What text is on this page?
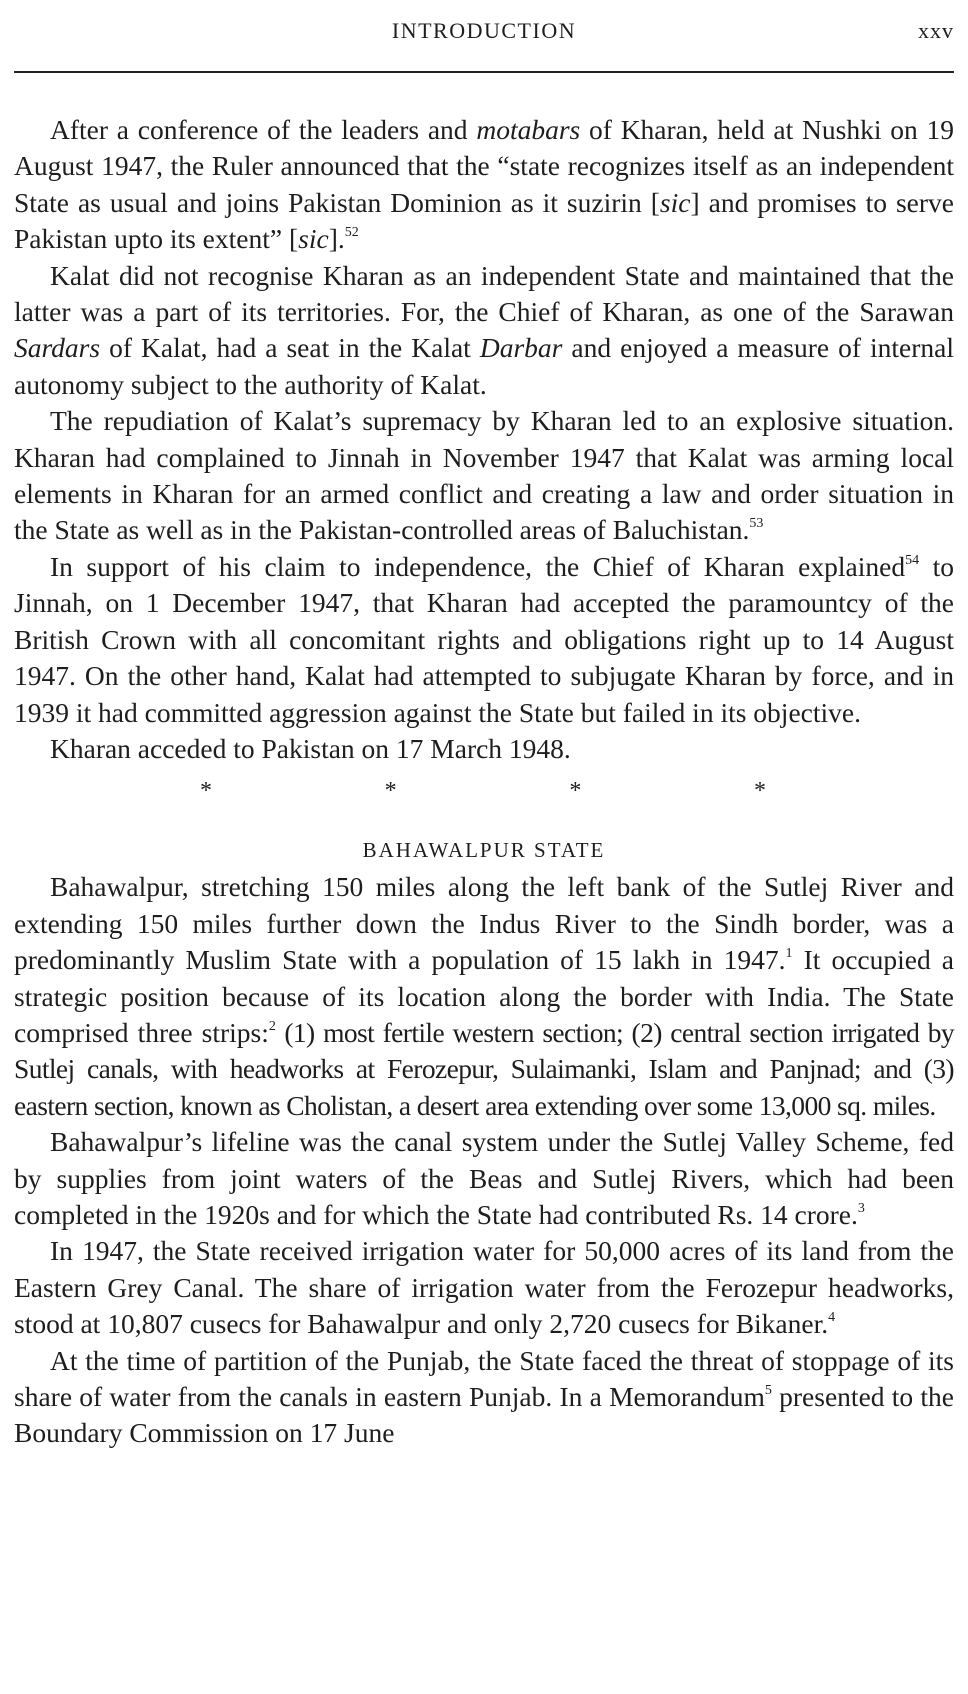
INTRODUCTION	xxv

After a conference of the leaders and motabars of Kharan, held at Nushki on 19 August 1947, the Ruler announced that the “state recognizes itself as an independent State as usual and joins Pakistan Dominion as it suzirin [sic] and promises to serve Pakistan upto its extent” [sic].$^{52}$

Kalat did not recognise Kharan as an independent State and maintained that the latter was a part of its territories. For, the Chief of Kharan, as one of the Sarawan Sardars of Kalat, had a seat in the Kalat Darbar and enjoyed a measure of internal autonomy subject to the authority of Kalat.

The repudiation of Kalat’s supremacy by Kharan led to an explosive situation. Kharan had complained to Jinnah in November 1947 that Kalat was arming local elements in Kharan for an armed conflict and creating a law and order situation in the State as well as in the Pakistan-controlled areas of Baluchistan.$^{53}$

In support of his claim to independence, the Chief of Kharan explained$^{54}$ to Jinnah, on 1 December 1947, that Kharan had accepted the paramountcy of the British Crown with all concomitant rights and obligations right up to 14 August 1947. On the other hand, Kalat had attempted to subjugate Kharan by force, and in 1939 it had committed aggression against the State but failed in its objective.

Kharan acceded to Pakistan on 17 March 1948.

*	*	*	*
BAHAWALPUR STATE

Bahawalpur, stretching 150 miles along the left bank of the Sutlej River and extending 150 miles further down the Indus River to the Sindh border, was a predominantly Muslim State with a population of 15 lakh in 1947.$^1$ It occupied a strategic position because of its location along the border with India. The State comprised three strips:$^2$ (1) most fertile western section; (2) central section irrigated by Sutlej canals, with headworks at Ferozepur, Sulaimanki, Islam and Panjnad; and (3) eastern section, known as Cholistan, a desert area extending over some 13,000 sq. miles.

Bahawalpur’s lifeline was the canal system under the Sutlej Valley Scheme, fed by supplies from joint waters of the Beas and Sutlej Rivers, which had been completed in the 1920s and for which the State had contributed Rs. 14 crore.$^3$

In 1947, the State received irrigation water for 50,000 acres of its land from the Eastern Grey Canal. The share of irrigation water from the Ferozepur headworks, stood at 10,807 cusecs for Bahawalpur and only 2,720 cusecs for Bikaner.$^4$

At the time of partition of the Punjab, the State faced the threat of stoppage of its share of water from the canals in eastern Punjab. In a Memorandum$^5$ presented to the Boundary Commission on 17 June
